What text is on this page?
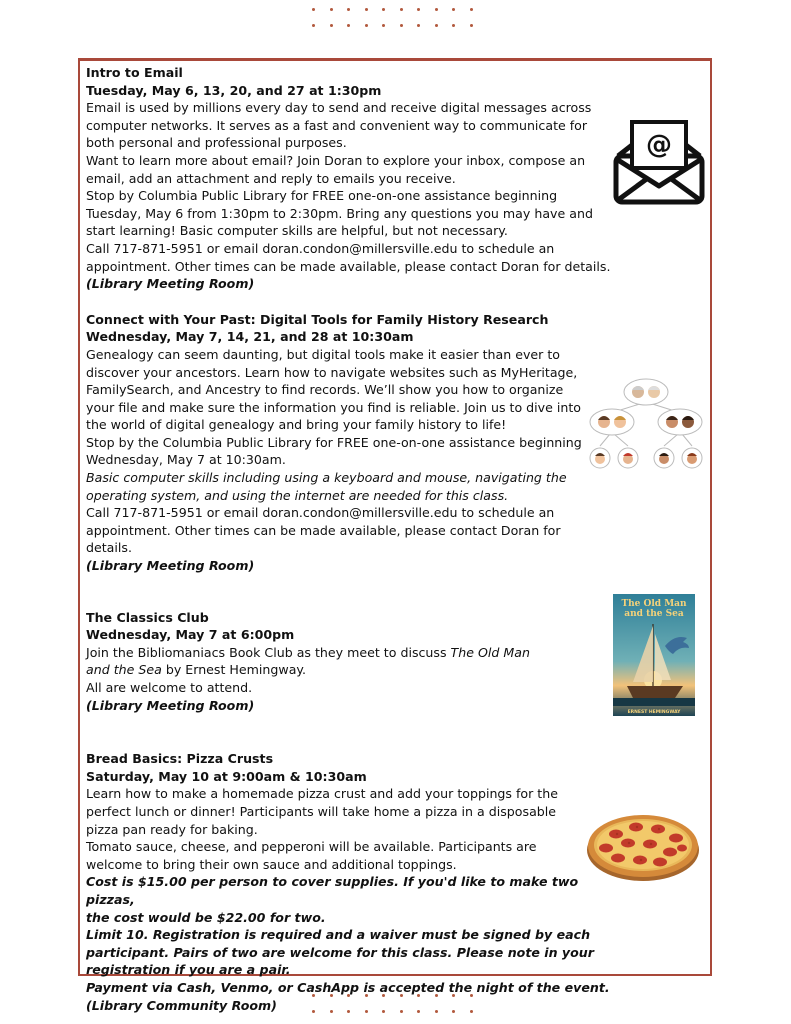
Intro to Email
Tuesday, May 6, 13, 20, and 27 at 1:30pm
Email is used by millions every day to send and receive digital messages across
computer networks. It serves as a fast and convenient way to communicate for
both personal and professional purposes.
Want to learn more about email? Join Doran to explore your inbox, compose an
email, add an attachment and reply to emails you receive.
Stop by Columbia Public Library for FREE one-on-one assistance beginning
Tuesday, May 6 from 1:30pm to 2:30pm. Bring any questions you may have and
start learning! Basic computer skills are helpful, but not necessary.
Call 717-871-5951 or email doran.condon@millersville.edu to schedule an
appointment. Other times can be made available, please contact Doran for details.
(Library Meeting Room)
Connect with Your Past: Digital Tools for Family History Research
Wednesday, May 7, 14, 21, and 28 at 10:30am
Genealogy can seem daunting, but digital tools make it easier than ever to
discover your ancestors. Learn how to navigate websites such as MyHeritage,
FamilySearch, and Ancestry to find records. We’ll show you how to organize
your file and make sure the information you find is reliable. Join us to dive into
the world of digital genealogy and bring your family history to life!
Stop by the Columbia Public Library for FREE one-on-one assistance beginning
Wednesday, May 7 at 10:30am.
Basic computer skills including using a keyboard and mouse, navigating the
operating system, and using the internet are needed for this class.
Call 717-871-5951 or email doran.condon@millersville.edu to schedule an
appointment. Other times can be made available, please contact Doran for
details.
(Library Meeting Room)
The Classics Club
Wednesday, May 7 at 6:00pm
Join the Bibliomaniacs Book Club as they meet to discuss The Old Man
and the Sea by Ernest Hemingway.
All are welcome to attend.
(Library Meeting Room)
Bread Basics: Pizza Crusts
Saturday, May 10 at 9:00am & 10:30am
Learn how to make a homemade pizza crust and add your toppings for the
perfect lunch or dinner! Participants will take home a pizza in a disposable
pizza pan ready for baking.
Tomato sauce, cheese, and pepperoni will be available. Participants are
welcome to bring their own sauce and additional toppings.
Cost is $15.00 per person to cover supplies. If you'd like to make two pizzas,
the cost would be $22.00 for two.
Limit 10. Registration is required and a waiver must be signed by each
participant. Pairs of two are welcome for this class. Please note in your
registration if you are a pair.
Payment via Cash, Venmo, or CashApp is accepted the night of the event.
(Library Community Room)
@
The Old Man
and the Sea
ERNEST HEMINGWAY
